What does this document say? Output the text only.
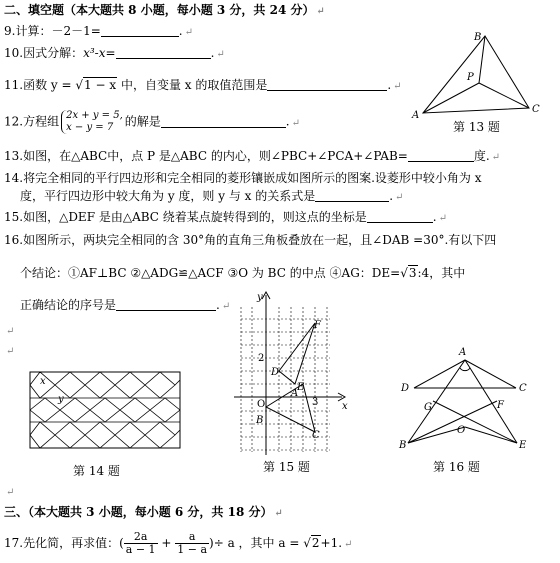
二、填空题（本大题共 8 小题，每小题 3 分，共 24 分） ↵
9.计算：－2－1=	. ↵
10.因式分解：x³-x=	. ↵
11.函数 y = √1 − x 中，自变量 x 的取值范围是	. ↵
12.方程组 2x + y = 5,
x − y = 7 的解是	. ↵
13.如图，在△ABC中，点 P 是△ABC 的内心，则∠PBC+∠PCA+∠PAB=	度. ↵
14.将完全相同的平行四边形和完全相同的菱形镶嵌成如图所示的图案.设菱形中较小角为 x
度，平行四边形中较大角为 y 度，则 y 与 x 的关系式是	. ↵
15.如图，△DEF 是由△ABC 绕着某点旋转得到的，则这点的坐标是	. ↵
16.如图所示，两块完全相同的含 30°角的直角三角板叠放在一起，且∠DAB =30°.有以下四
个结论：①AF⊥BC ②△ADG≌△ACF ③O 为 BC 的中点 ④AG：DE=√3:4，其中
正确结论的序号是	. ↵
↵
↵
↵
三、（本大题共 3 小题，每小题 6 分，共 18 分） ↵
17.先化简，再求值：( $\frac{2a}{a - 1} + \frac{a}{1 - a}$ )÷ a ，其中 a = √2+1. ↵
B
A
C
P
第 13 题
x
y
第 14 题
y
x
O
2
3
A
B
C
D
E
F
第 15 题
A
D	C
G	F
O
B	E
第 16 题
